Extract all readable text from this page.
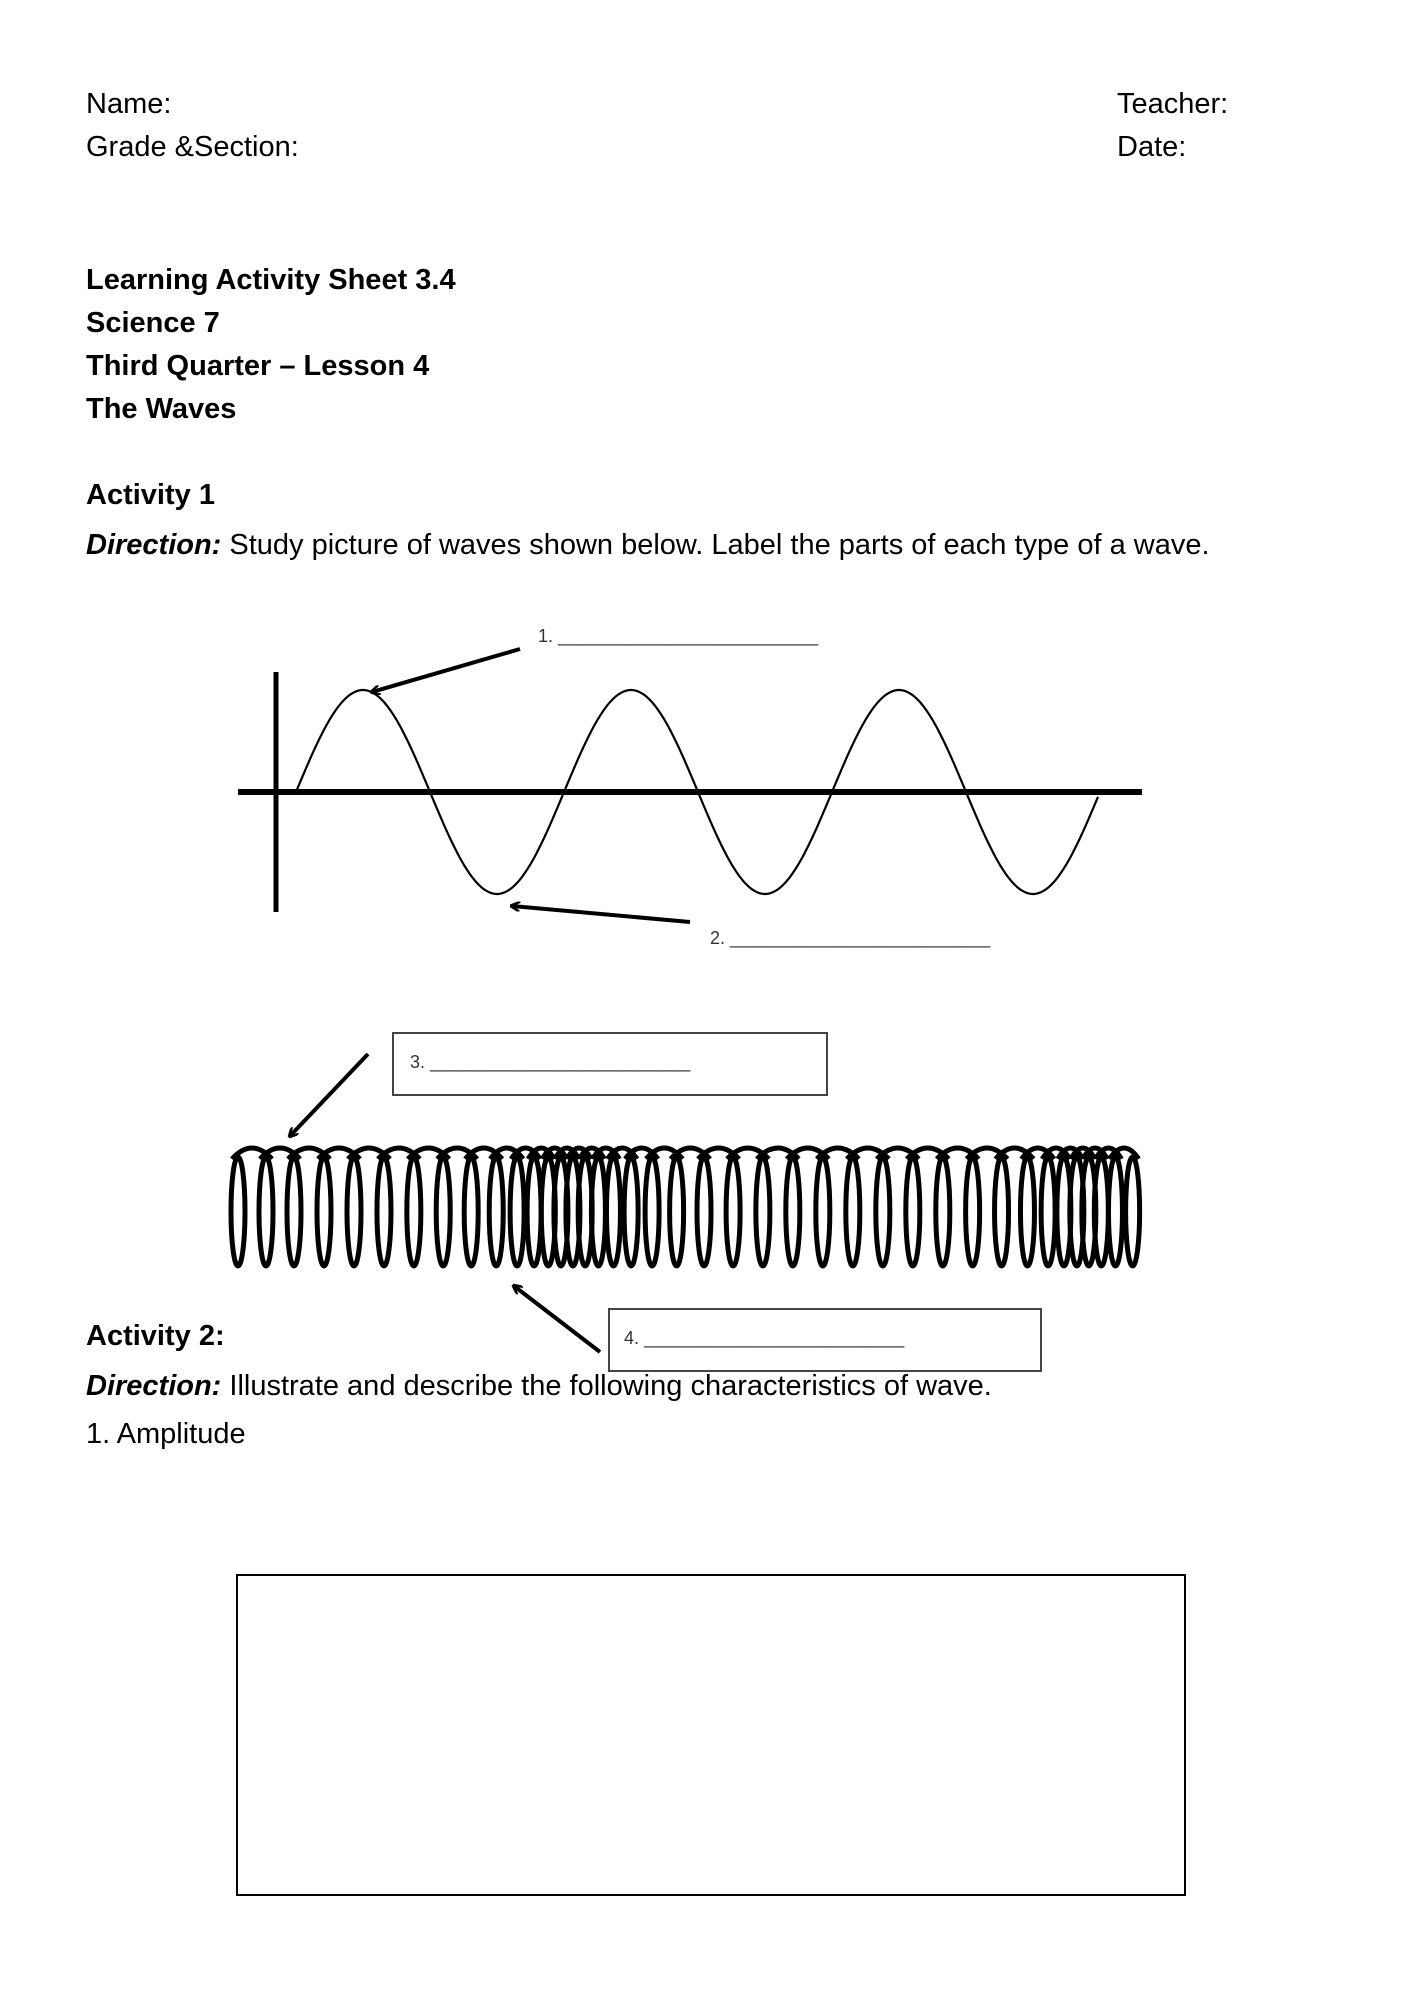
Name:
Grade &Section:
Teacher:
Date:
Learning Activity Sheet 3.4
Science 7
Third Quarter – Lesson 4
The Waves
Activity 1
Direction: Study picture of waves shown below. Label the parts of each type of a wave.
1. __________________________
2. __________________________
3. __________________________
4. __________________________
Activity 2:
Direction: Illustrate and describe the following characteristics of wave.
1. Amplitude
